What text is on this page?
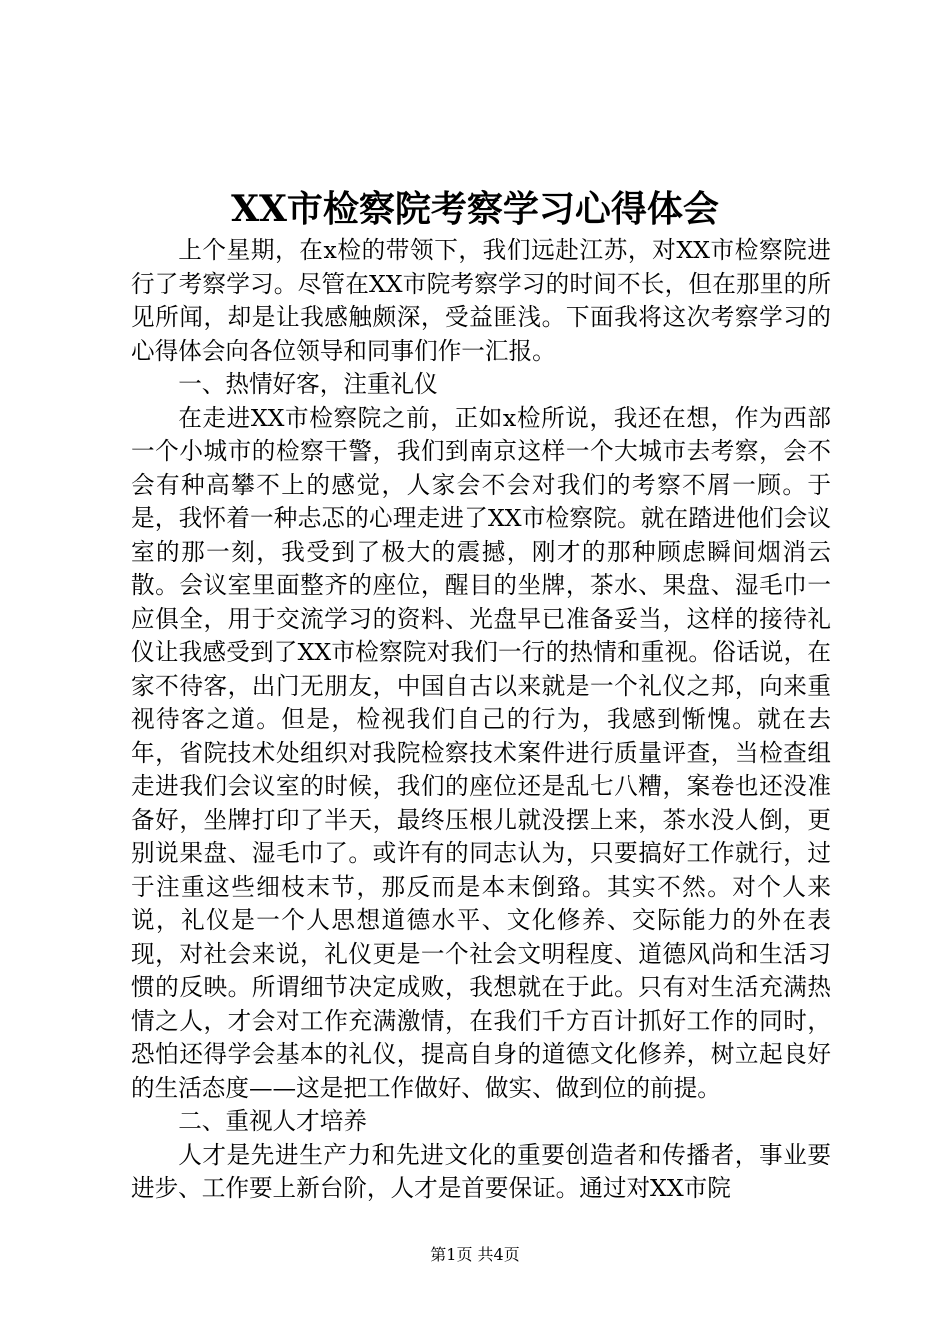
XX市检察院考察学习心得体会

上个星期，在x检的带领下，我们远赴江苏，对XX市检察院进行了考察学习。尽管在XX市院考察学习的时间不长，但在那里的所见所闻，却是让我感触颇深，受益匪浅。下面我将这次考察学习的心得体会向各位领导和同事们作一汇报。

一、热情好客，注重礼仪

在走进XX市检察院之前，正如x检所说，我还在想，作为西部一个小城市的检察干警，我们到南京这样一个大城市去考察，会不会有种高攀不上的感觉，人家会不会对我们的考察不屑一顾。于是，我怀着一种忐忑的心理走进了XX市检察院。就在踏进他们会议室的那一刻，我受到了极大的震撼，刚才的那种顾虑瞬间烟消云散。会议室里面整齐的座位，醒目的坐牌，茶水、果盘、湿毛巾一应俱全，用于交流学习的资料、光盘早已准备妥当，这样的接待礼仪让我感受到了XX市检察院对我们一行的热情和重视。俗话说，在家不待客，出门无朋友，中国自古以来就是一个礼仪之邦，向来重视待客之道。但是，检视我们自己的行为，我感到惭愧。就在去年，省院技术处组织对我院检察技术案件进行质量评查，当检查组走进我们会议室的时候，我们的座位还是乱七八糟，案卷也还没准备好，坐牌打印了半天，最终压根儿就没摆上来，茶水没人倒，更别说果盘、湿毛巾了。或许有的同志认为，只要搞好工作就行，过于注重这些细枝末节，那反而是本末倒臵。其实不然。对个人来说，礼仪是一个人思想道德水平、文化修养、交际能力的外在表现，对社会来说，礼仪更是一个社会文明程度、道德风尚和生活习惯的反映。所谓细节决定成败，我想就在于此。只有对生活充满热情之人，才会对工作充满激情，在我们千方百计抓好工作的同时，恐怕还得学会基本的礼仪，提高自身的道德文化修养，树立起良好的生活态度——这是把工作做好、做实、做到位的前提。

二、重视人才培养

人才是先进生产力和先进文化的重要创造者和传播者，事业要进步、工作要上新台阶，人才是首要保证。通过对XX市院

第1页 共4页
